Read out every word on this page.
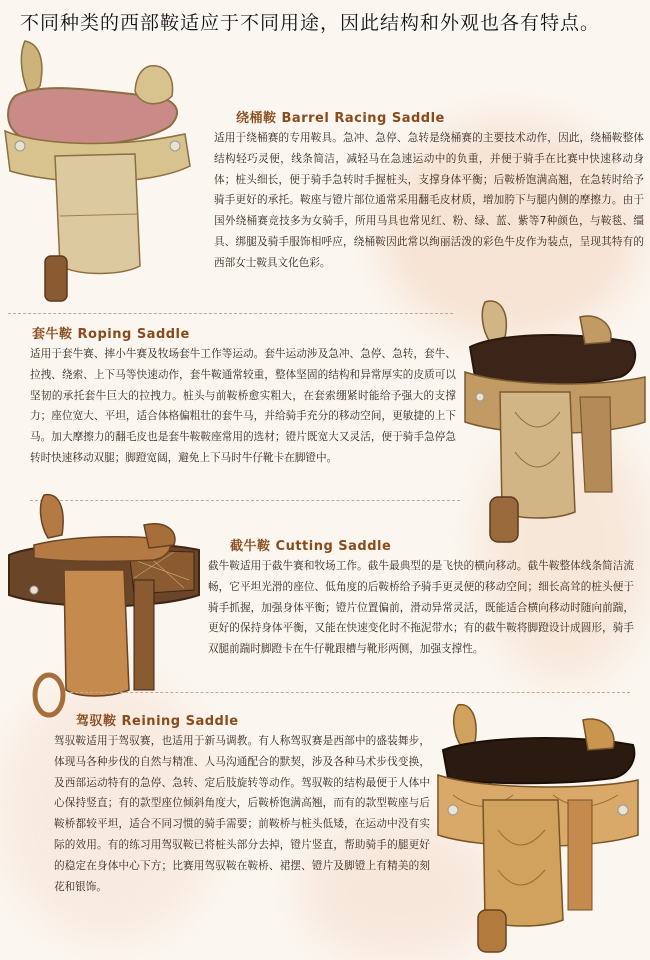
不同种类的西部鞍适应于不同用途，因此结构和外观也各有特点。
绕桶鞍 Barrel Racing Saddle

适用于绕桶赛的专用鞍具。急冲、急停、急转是绕桶赛的主要技术动作，因此，绕桶鞍整体结构轻巧灵便，线条简洁，减轻马在急速运动中的负重，并便于骑手在比赛中快速移动身体；桩头细长，便于骑手急转时手握桩头，支撑身体平衡；后鞍桥饱满高翘，在急转时给予骑手更好的承托。鞍座与镫片部位通常采用翻毛皮材质，增加胯下与腿内侧的摩擦力。由于国外绕桶赛竞技多为女骑手，所用马具也常见红、粉、绿、蓝、紫等7种颜色，与鞍毯、缰具、绑腿及骑手服饰相呼应，绕桶鞍因此常以绚丽活泼的彩色牛皮作为装点，呈现其特有的西部女士鞍具文化色彩。

套牛鞍 Roping Saddle

适用于套牛赛、摔小牛赛及牧场套牛工作等运动。套牛运动涉及急冲、急停、急转，套牛、拉拽、绕索、上下马等快速动作，套牛鞍通常较重，整体坚固的结构和异常厚实的皮质可以坚韧的承托套牛巨大的拉拽力。桩头与前鞍桥愈实粗大，在套索绷紧时能给予强大的支撑力；座位宽大、平坦，适合体格偏粗壮的套牛马，并给骑手充分的移动空间，更敏捷的上下马。加大摩擦力的翻毛皮也是套牛鞍鞍座常用的选材；镫片既宽大又灵活，便于骑手急停急转时快速移动双腿；脚蹬宽阔，避免上下马时牛仔靴卡在脚镫中。

截牛鞍 Cutting Saddle

截牛鞍适用于截牛赛和牧场工作。截牛最典型的是飞快的横向移动。截牛鞍整体线条简洁流畅，它平坦光滑的座位、低角度的后鞍桥给予骑手更灵便的移动空间；细长高耸的桩头便于骑手抓握，加强身体平衡；镫片位置偏前，滑动异常灵活，既能适合横向移动时随向前踹，更好的保持身体平衡，又能在快速变化时不拖泥带水；有的截牛鞍将脚蹬设计成圆形，骑手双腿前踹时脚蹬卡在牛仔靴跟槽与靴形两侧，加强支撑性。

驾驭鞍 Reining Saddle

驾驭鞍适用于驾驭赛，也适用于新马调教。有人称驾驭赛是西部中的盛装舞步，体现马各种步伐的自然与精准、人马沟通配合的默契，涉及各种马术步伐变换，及西部运动特有的急停、急转、定后肢旋转等动作。驾驭鞍的结构最便于人体中心保持竖直；有的款型座位倾斜角度大，后鞍桥饱满高翘，而有的款型鞍座与后鞍桥都较平坦，适合不同习惯的骑手需要；前鞍桥与桩头低矮，在运动中没有实际的效用。有的练习用驾驭鞍已将桩头部分去掉，镫片竖直，帮助骑手的腿更好的稳定在身体中心下方；比赛用驾驭鞍在鞍桥、裙摆、镫片及脚镫上有精美的刻花和银饰。
